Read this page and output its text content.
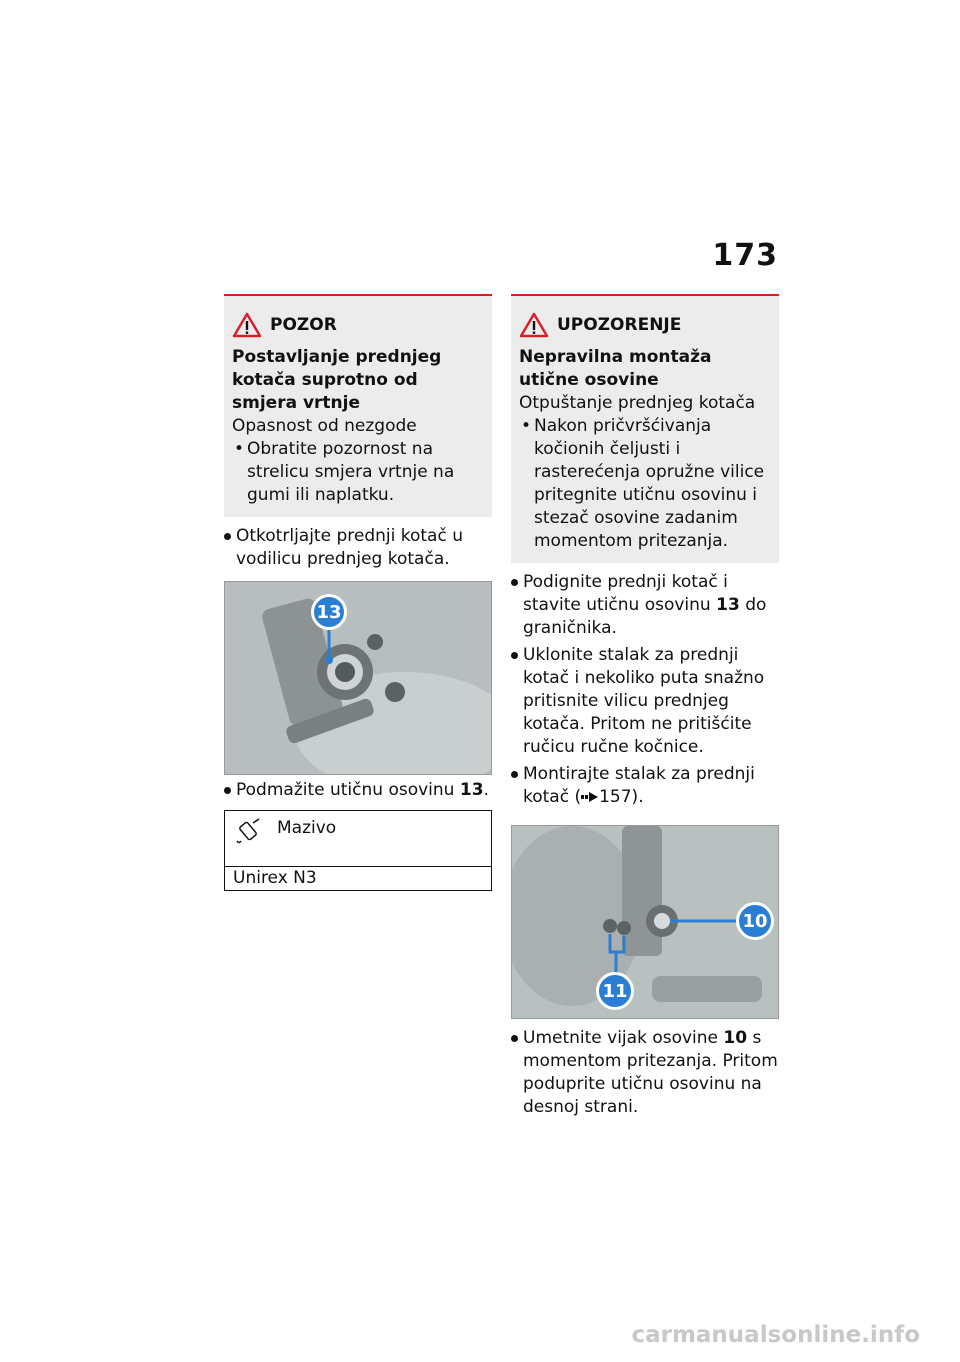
173
POZOR
Postavljanje prednjeg kotača suprotno od smjera vrtnje
Opasnost od nezgode
• Obratite pozornost na strelicu smjera vrtnje na gumi ili naplatku.
Otkotrljajte prednji kotač u vodilicu prednjeg kotača.
13
Podmažite utičnu osovinu 13.
Mazivo
Unirex N3
UPOZORENJE
Nepravilna montaža utične osovine
Otpuštanje prednjeg kotača
• Nakon pričvršćivanja kočionih čeljusti i rasterećenja opružne vilice pritegnite utičnu osovinu i stezač osovine zadanim momentom pritezanja.
Podignite prednji kotač i stavite utičnu osovinu 13 do graničnika.
Uklonite stalak za prednji kotač i nekoliko puta snažno pritisnite vilicu prednjeg kotača. Pritom ne pritišćite ručicu ručne kočnice.
Montirajte stalak za prednji kotač ( 157).
10
11
Umetnite vijak osovine 10 s momentom pritezanja. Pritom poduprite utičnu osovinu na desnoj strani.
carmanualsonline.info
